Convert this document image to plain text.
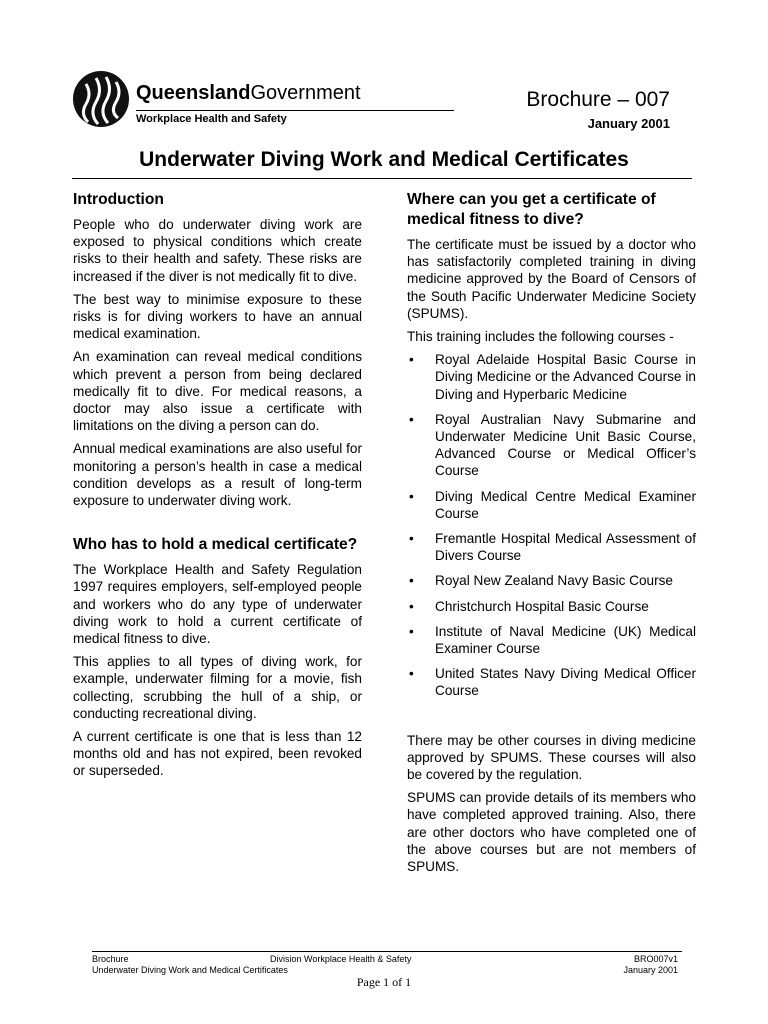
QueenslandGovernment
Workplace Health and Safety
Brochure – 007
January 2001
Underwater Diving Work and Medical Certificates
Introduction

People who do underwater diving work are exposed to physical conditions which create risks to their health and safety. These risks are increased if the diver is not medically fit to dive.

The best way to minimise exposure to these risks is for diving workers to have an annual medical examination.

An examination can reveal medical conditions which prevent a person from being declared medically fit to dive. For medical reasons, a doctor may also issue a certificate with limitations on the diving a person can do.

Annual medical examinations are also useful for monitoring a person’s health in case a medical condition develops as a result of long-term exposure to underwater diving work.

Who has to hold a medical certificate?

The Workplace Health and Safety Regulation 1997 requires employers, self-employed people and workers who do any type of underwater diving work to hold a current certificate of medical fitness to dive.

This applies to all types of diving work, for example, underwater filming for a movie, fish collecting, scrubbing the hull of a ship, or conducting recreational diving.

A current certificate is one that is less than 12 months old and has not expired, been revoked or superseded.

Where can you get a certificate of medical fitness to dive?

The certificate must be issued by a doctor who has satisfactorily completed training in diving medicine approved by the Board of Censors of the South Pacific Underwater Medicine Society (SPUMS).

This training includes the following courses -

• Royal Adelaide Hospital Basic Course in Diving Medicine or the Advanced Course in Diving and Hyperbaric Medicine
• Royal Australian Navy Submarine and Underwater Medicine Unit Basic Course, Advanced Course or Medical Officer’s Course
• Diving Medical Centre Medical Examiner Course
• Fremantle Hospital Medical Assessment of Divers Course
• Royal New Zealand Navy Basic Course
• Christchurch Hospital Basic Course
• Institute of Naval Medicine (UK) Medical Examiner Course
• United States Navy Diving Medical Officer Course

There may be other courses in diving medicine approved by SPUMS. These courses will also be covered by the regulation.

SPUMS can provide details of its members who have completed approved training. Also, there are other doctors who have completed one of the above courses but are not members of SPUMS.

Brochure
Underwater Diving Work and Medical Certificates
Division Workplace Health & Safety	BRO007v1
January 2001
Page 1 of 1
